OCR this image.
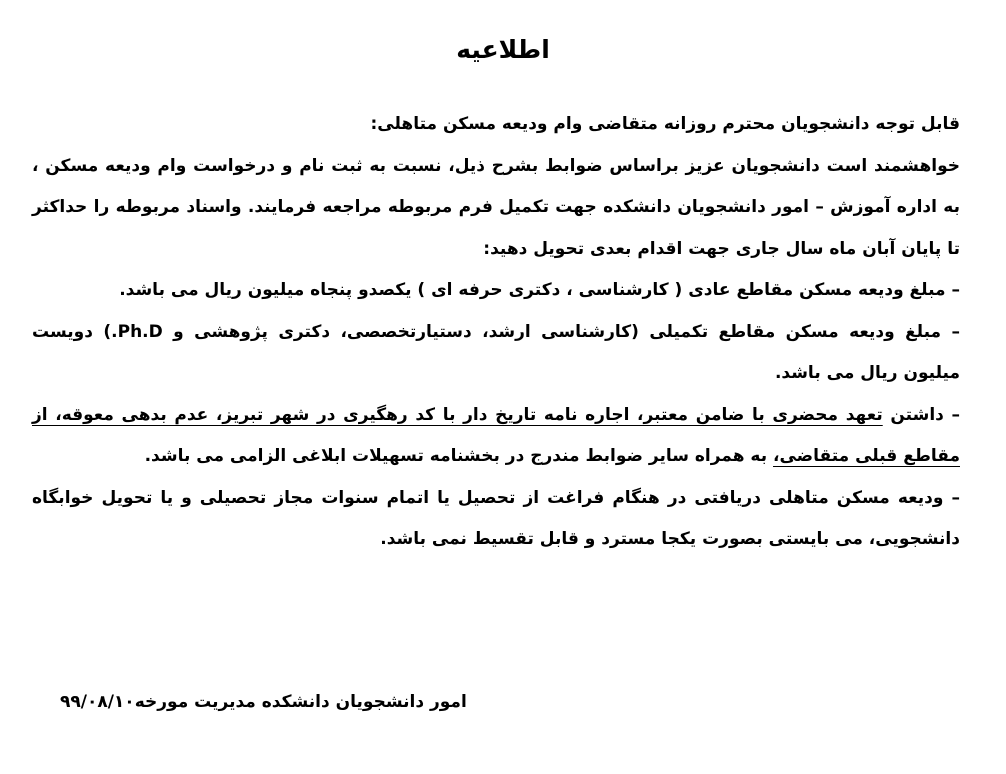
اطلاعیه

قابل توجه دانشجویان محترم روزانه متقاضی وام ودیعه مسکن متاهلی:

خواهشمند است دانشجویان عزیز براساس ضوابط بشرح ذیل، نسبت به ثبت نام و درخواست وام ودیعه مسکن ، به اداره آموزش – امور دانشجویان دانشکده جهت تکمیل فرم مربوطه مراجعه فرمایند. واسناد مربوطه را حداکثر تا پایان آبان ماه سال جاری جهت اقدام بعدی تحویل دهید:

– مبلغ ودیعه مسکن مقاطع عادی ( کارشناسی ، دکتری حرفه ای ) یکصدو پنجاه میلیون ریال می باشد.

– مبلغ ودیعه مسکن مقاطع تکمیلی (کارشناسی ارشد، دستیارتخصصی، دکتری پژوهشی و Ph.D.) دویست میلیون ریال می باشد.

– داشتن تعهد محضری با ضامن معتبر، اجاره نامه تاریخ دار با کد رهگیری در شهر تبریز، عدم بدهی معوقه، از مقاطع قبلی متقاضی، به همراه سایر ضوابط مندرج در بخشنامه تسهیلات ابلاغی الزامی می باشد.

– ودیعه مسکن متاهلی دریافتی در هنگام فراغت از تحصیل یا اتمام سنوات مجاز تحصیلی و یا تحویل خوابگاه دانشجویی، می بایستی بصورت یکجا مسترد و قابل تقسیط نمی باشد.

امور دانشجویان دانشکده مدیریت مورخه۹۹/۰۸/۱۰
